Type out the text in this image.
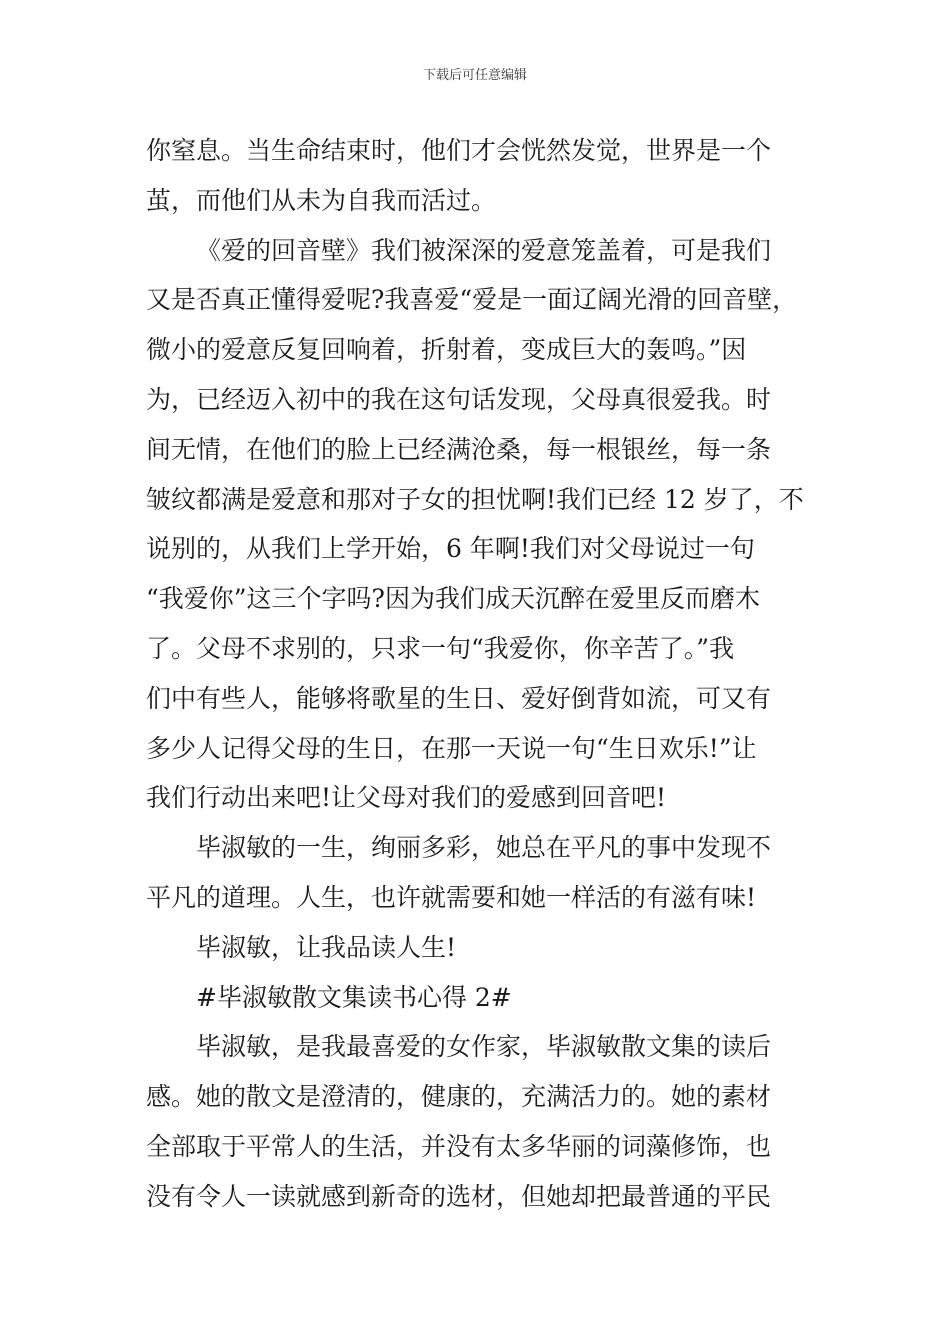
下载后可任意编辑

你窒息。当生命结束时，他们才会恍然发觉，世界是一个
茧，而他们从未为自我而活过。

《爱的回音壁》我们被深深的爱意笼盖着，可是我们
又是否真正懂得爱呢?我喜爱“爱是一面辽阔光滑的回音壁，
微小的爱意反复回响着，折射着，变成巨大的轰鸣。”因
为，已经迈入初中的我在这句话发现，父母真很爱我。时
间无情，在他们的脸上已经满沧桑，每一根银丝，每一条
皱纹都满是爱意和那对子女的担忧啊!我们已经 12 岁了，不
说别的，从我们上学开始，6 年啊!我们对父母说过一句
“我爱你”这三个字吗?因为我们成天沉醉在爱里反而磨木
了。父母不求别的，只求一句“我爱你，你辛苦了。”我
们中有些人，能够将歌星的生日、爱好倒背如流，可又有
多少人记得父母的生日，在那一天说一句“生日欢乐!”让
我们行动出来吧!让父母对我们的爱感到回音吧!

毕淑敏的一生，绚丽多彩，她总在平凡的事中发现不
平凡的道理。人生，也许就需要和她一样活的有滋有味!

毕淑敏，让我品读人生!

#毕淑敏散文集读书心得 2#

毕淑敏，是我最喜爱的女作家，毕淑敏散文集的读后
感。她的散文是澄清的，健康的，充满活力的。她的素材
全部取于平常人的生活，并没有太多华丽的词藻修饰，也
没有令人一读就感到新奇的选材，但她却把最普通的平民
